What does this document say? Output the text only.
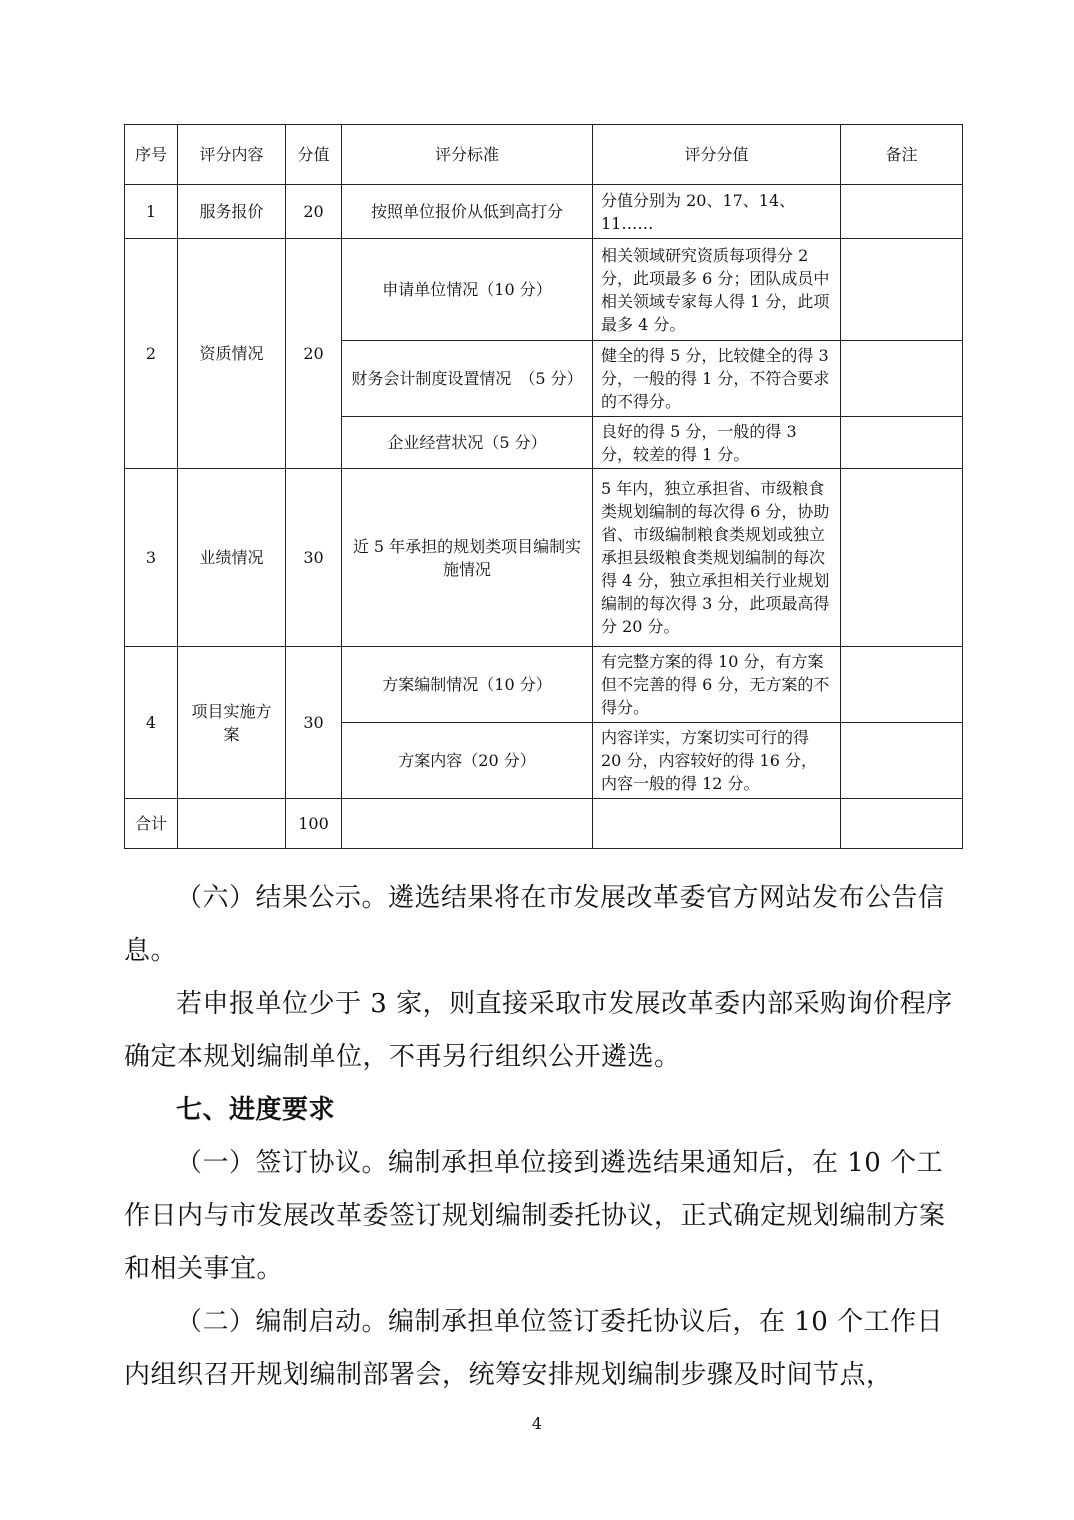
序号	评分内容	分值	评分标准	评分分值	备注
1	服务报价	20	按照单位报价从低到高打分	分值分别为 20、17、14、11……	
2	资质情况	20	申请单位情况（10 分）	相关领域研究资质每项得分 2 分，此项最多 6 分；团队成员中相关领域专家每人得 1 分，此项最多 4 分。	
			财务会计制度设置情况　（5 分）	健全的得 5 分，比较健全的得 3 分，一般的得 1 分，不符合要求的不得分。	
			企业经营状况（5 分）	良好的得 5 分，一般的得 3 分，较差的得 1 分。	
3	业绩情况	30	近 5 年承担的规划类项目编制实施情况	5 年内，独立承担省、市级粮食类规划编制的每次得 6 分，协助省、市级编制粮食类规划或独立承担县级粮食类规划编制的每次得 4 分，独立承担相关行业规划编制的每次得 3 分，此项最高得分 20 分。	
4	项目实施方案	30	方案编制情况（10 分）	有完整方案的得 10 分，有方案但不完善的得 6 分，无方案的不得分。	
			方案内容（20 分）	内容详实，方案切实可行的得 20 分，内容较好的得 16 分，内容一般的得 12 分。	
合计		100			

（六）结果公示。遴选结果将在市发展改革委官方网站发布公告信息。

若申报单位少于 3 家，则直接采取市发展改革委内部采购询价程序确定本规划编制单位，不再另行组织公开遴选。

七、进度要求

（一）签订协议。编制承担单位接到遴选结果通知后，在 10 个工作日内与市发展改革委签订规划编制委托协议，正式确定规划编制方案和相关事宜。

（二）编制启动。编制承担单位签订委托协议后，在 10 个工作日内组织召开规划编制部署会，统筹安排规划编制步骤及时间节点，

4
